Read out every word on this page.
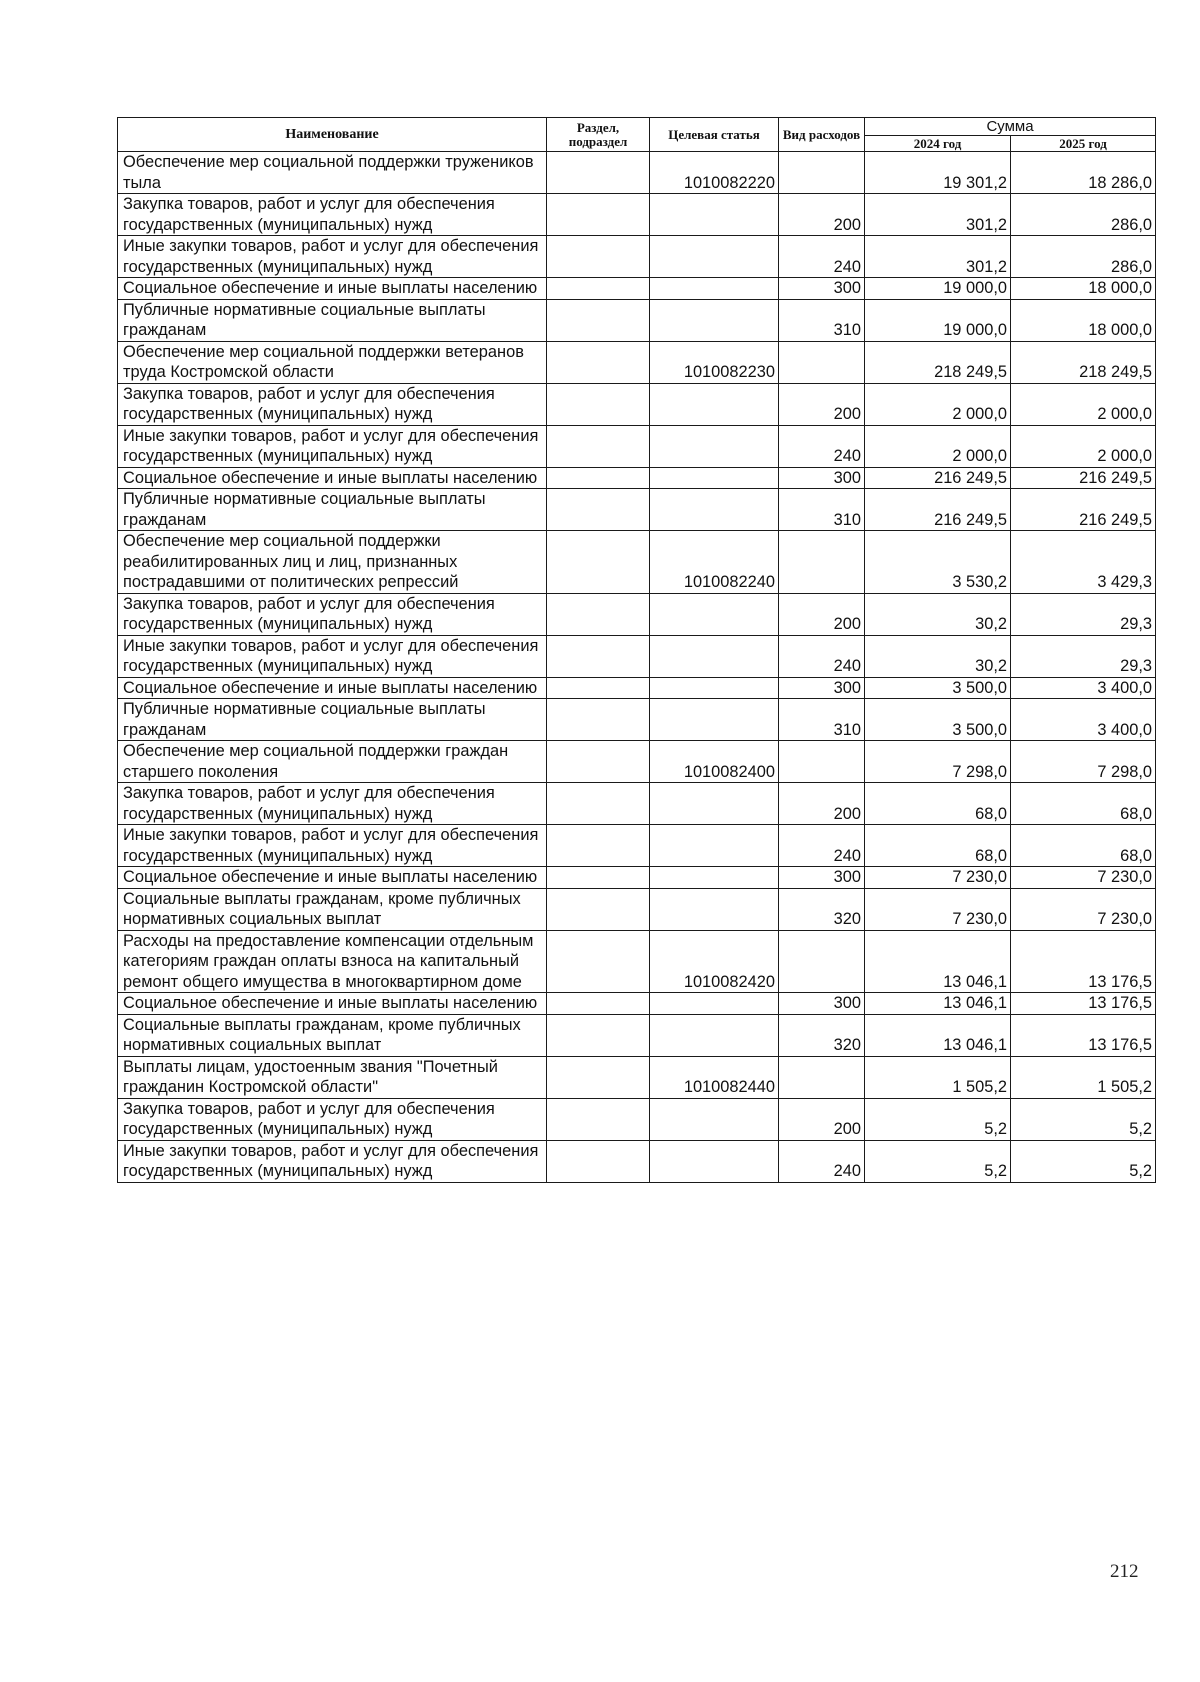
Наименование	Раздел, подраздел	Целевая статья	Вид расходов	Сумма	
				2024 год	2025 год
Обеспечение мер социальной поддержки тружеников тыла		1010082220		19 301,2	18 286,0
Закупка товаров, работ и услуг для обеспечения государственных (муниципальных) нужд			200	301,2	286,0
Иные закупки товаров, работ и услуг для обеспечения государственных (муниципальных) нужд			240	301,2	286,0
Социальное обеспечение и иные выплаты населению			300	19 000,0	18 000,0
Публичные нормативные социальные выплаты гражданам			310	19 000,0	18 000,0
Обеспечение мер социальной поддержки ветеранов труда Костромской области		1010082230		218 249,5	218 249,5
Закупка товаров, работ и услуг для обеспечения государственных (муниципальных) нужд			200	2 000,0	2 000,0
Иные закупки товаров, работ и услуг для обеспечения государственных (муниципальных) нужд			240	2 000,0	2 000,0
Социальное обеспечение и иные выплаты населению			300	216 249,5	216 249,5
Публичные нормативные социальные выплаты гражданам			310	216 249,5	216 249,5
Обеспечение мер социальной поддержки реабилитированных лиц и лиц, признанных пострадавшими от политических репрессий		1010082240		3 530,2	3 429,3
Закупка товаров, работ и услуг для обеспечения государственных (муниципальных) нужд			200	30,2	29,3
Иные закупки товаров, работ и услуг для обеспечения государственных (муниципальных) нужд			240	30,2	29,3
Социальное обеспечение и иные выплаты населению			300	3 500,0	3 400,0
Публичные нормативные социальные выплаты гражданам			310	3 500,0	3 400,0
Обеспечение мер социальной поддержки граждан старшего поколения		1010082400		7 298,0	7 298,0
Закупка товаров, работ и услуг для обеспечения государственных (муниципальных) нужд			200	68,0	68,0
Иные закупки товаров, работ и услуг для обеспечения государственных (муниципальных) нужд			240	68,0	68,0
Социальное обеспечение и иные выплаты населению			300	7 230,0	7 230,0
Социальные выплаты гражданам, кроме публичных нормативных социальных выплат			320	7 230,0	7 230,0
Расходы на предоставление компенсации отдельным категориям граждан оплаты взноса на капитальный ремонт общего имущества в многоквартирном доме		1010082420		13 046,1	13 176,5
Социальное обеспечение и иные выплаты населению			300	13 046,1	13 176,5
Социальные выплаты гражданам, кроме публичных нормативных социальных выплат			320	13 046,1	13 176,5
Выплаты лицам, удостоенным звания "Почетный гражданин Костромской области"		1010082440		1 505,2	1 505,2
Закупка товаров, работ и услуг для обеспечения государственных (муниципальных) нужд			200	5,2	5,2
Иные закупки товаров, работ и услуг для обеспечения государственных (муниципальных) нужд			240	5,2	5,2
212
